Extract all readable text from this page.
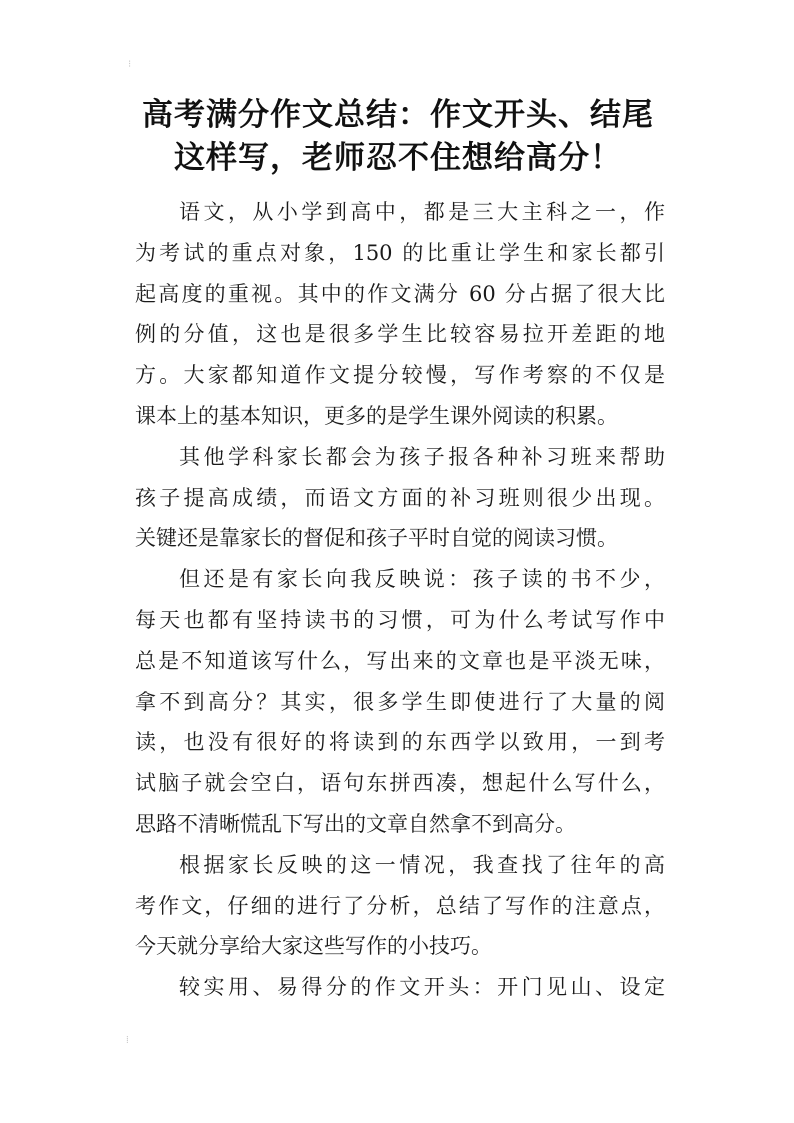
⁝
⁞
高考满分作文总结：作文开头、结尾
这样写，老师忍不住想给高分！
语文，从小学到高中，都是三大主科之一，作
为考试的重点对象，150 的比重让学生和家长都引
起高度的重视。其中的作文满分 60 分占据了很大比
例的分值，这也是很多学生比较容易拉开差距的地
方。大家都知道作文提分较慢，写作考察的不仅是
课本上的基本知识，更多的是学生课外阅读的积累。
其他学科家长都会为孩子报各种补习班来帮助
孩子提高成绩，而语文方面的补习班则很少出现。
关键还是靠家长的督促和孩子平时自觉的阅读习惯。
但还是有家长向我反映说：孩子读的书不少，
每天也都有坚持读书的习惯，可为什么考试写作中
总是不知道该写什么，写出来的文章也是平淡无味，
拿不到高分？其实，很多学生即使进行了大量的阅
读，也没有很好的将读到的东西学以致用，一到考
试脑子就会空白，语句东拼西凑，想起什么写什么，
思路不清晰慌乱下写出的文章自然拿不到高分。
根据家长反映的这一情况，我查找了往年的高
考作文，仔细的进行了分析，总结了写作的注意点，
今天就分享给大家这些写作的小技巧。
较实用、易得分的作文开头：开门见山、设定
